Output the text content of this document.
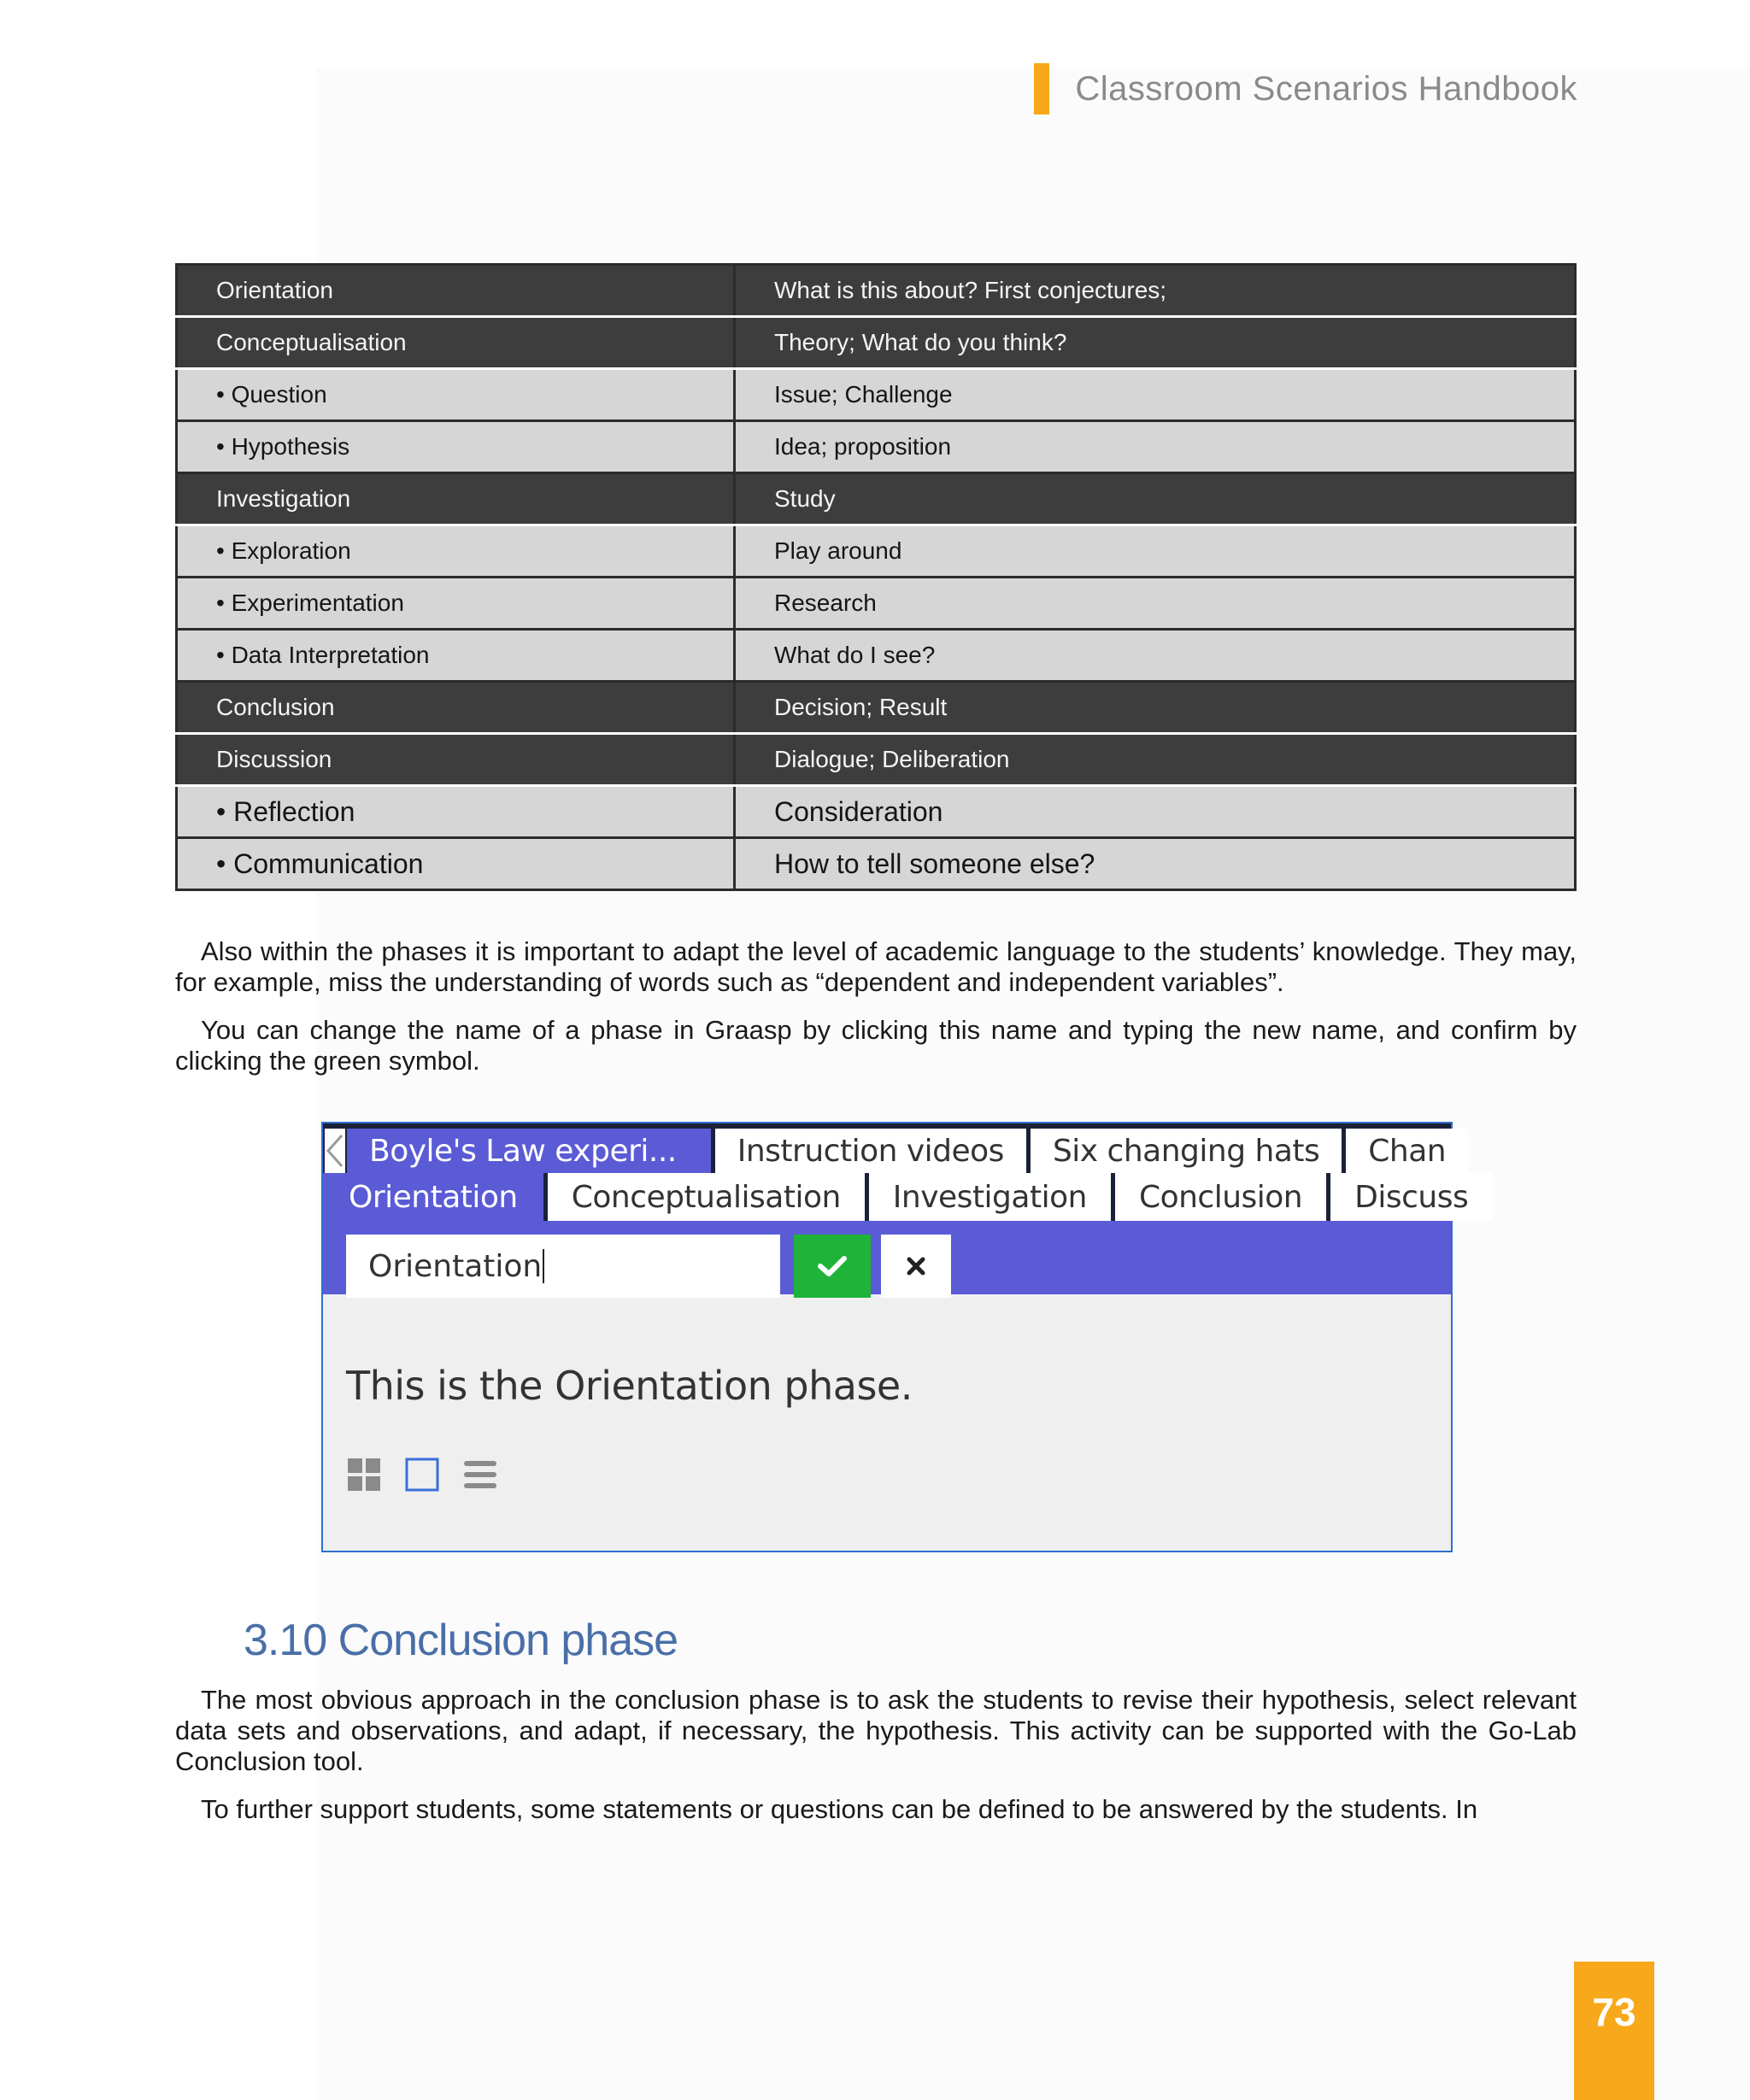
Classroom Scenarios Handbook
Orientation	What is this about? First conjectures;
Conceptualisation	Theory; What do you think?
• Question	Issue; Challenge
• Hypothesis	Idea; proposition
Investigation	Study
• Exploration	Play around
• Experimentation	Research
• Data Interpretation	What do I see?
Conclusion	Decision; Result
Discussion	Dialogue; Deliberation
• Reflection	Consideration
• Communication	How to tell someone else?

Also within the phases it is important to adapt the level of academic language to the students’ knowledge. They may, for example, miss the understanding of words such as “dependent and independent variables”.

You can change the name of a phase in Graasp by clicking this name and typing the new name, and confirm by clicking the green symbol.

Boyle's Law experi...	Instruction videos	Six changing hats	Chan
Orientation	Conceptualisation	Investigation	Conclusion	Discuss
Orientation
This is the Orientation phase.
3.10 Conclusion phase

The most obvious approach in the conclusion phase is to ask the students to revise their hypothesis, select relevant data sets and observations, and adapt, if necessary, the hypothesis. This activity can be supported with the Go-Lab Conclusion tool.

To further support students, some statements or questions can be defined to be answered by the students. In

73
